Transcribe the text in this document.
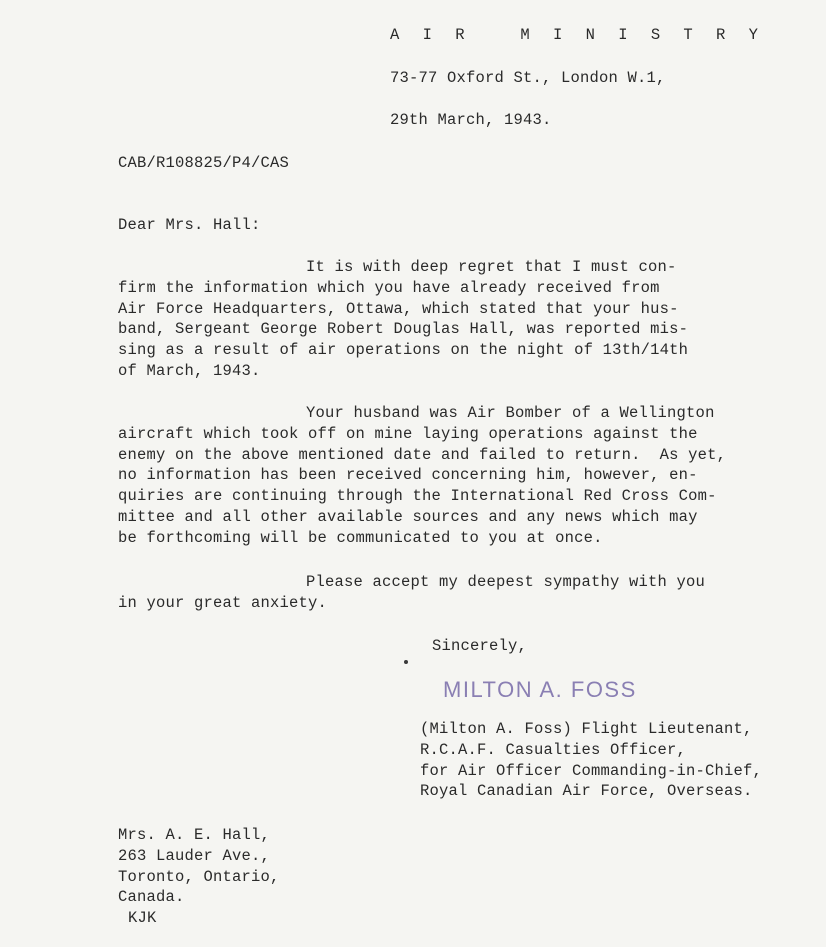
A I R   M I N I S T R Y
73-77 Oxford St., London W.1,
29th March, 1943.
CAB/R108825/P4/CAS
Dear Mrs. Hall:
It is with deep regret that I must con-
firm the information which you have already received from
Air Force Headquarters, Ottawa, which stated that your hus-
band, Sergeant George Robert Douglas Hall, was reported mis-
sing as a result of air operations on the night of 13th/14th
of March, 1943.
Your husband was Air Bomber of a Wellington
aircraft which took off on mine laying operations against the
enemy on the above mentioned date and failed to return.  As yet,
no information has been received concerning him, however, en-
quiries are continuing through the International Red Cross Com-
mittee and all other available sources and any news which may
be forthcoming will be communicated to you at once.
Please accept my deepest sympathy with you
in your great anxiety.
Sincerely,
MILTON A. FOSS
(Milton A. Foss) Flight Lieutenant,
R.C.A.F. Casualties Officer,
for Air Officer Commanding-in-Chief,
Royal Canadian Air Force, Overseas.
Mrs. A. E. Hall,
263 Lauder Ave.,
Toronto, Ontario,
Canada.
KJK
